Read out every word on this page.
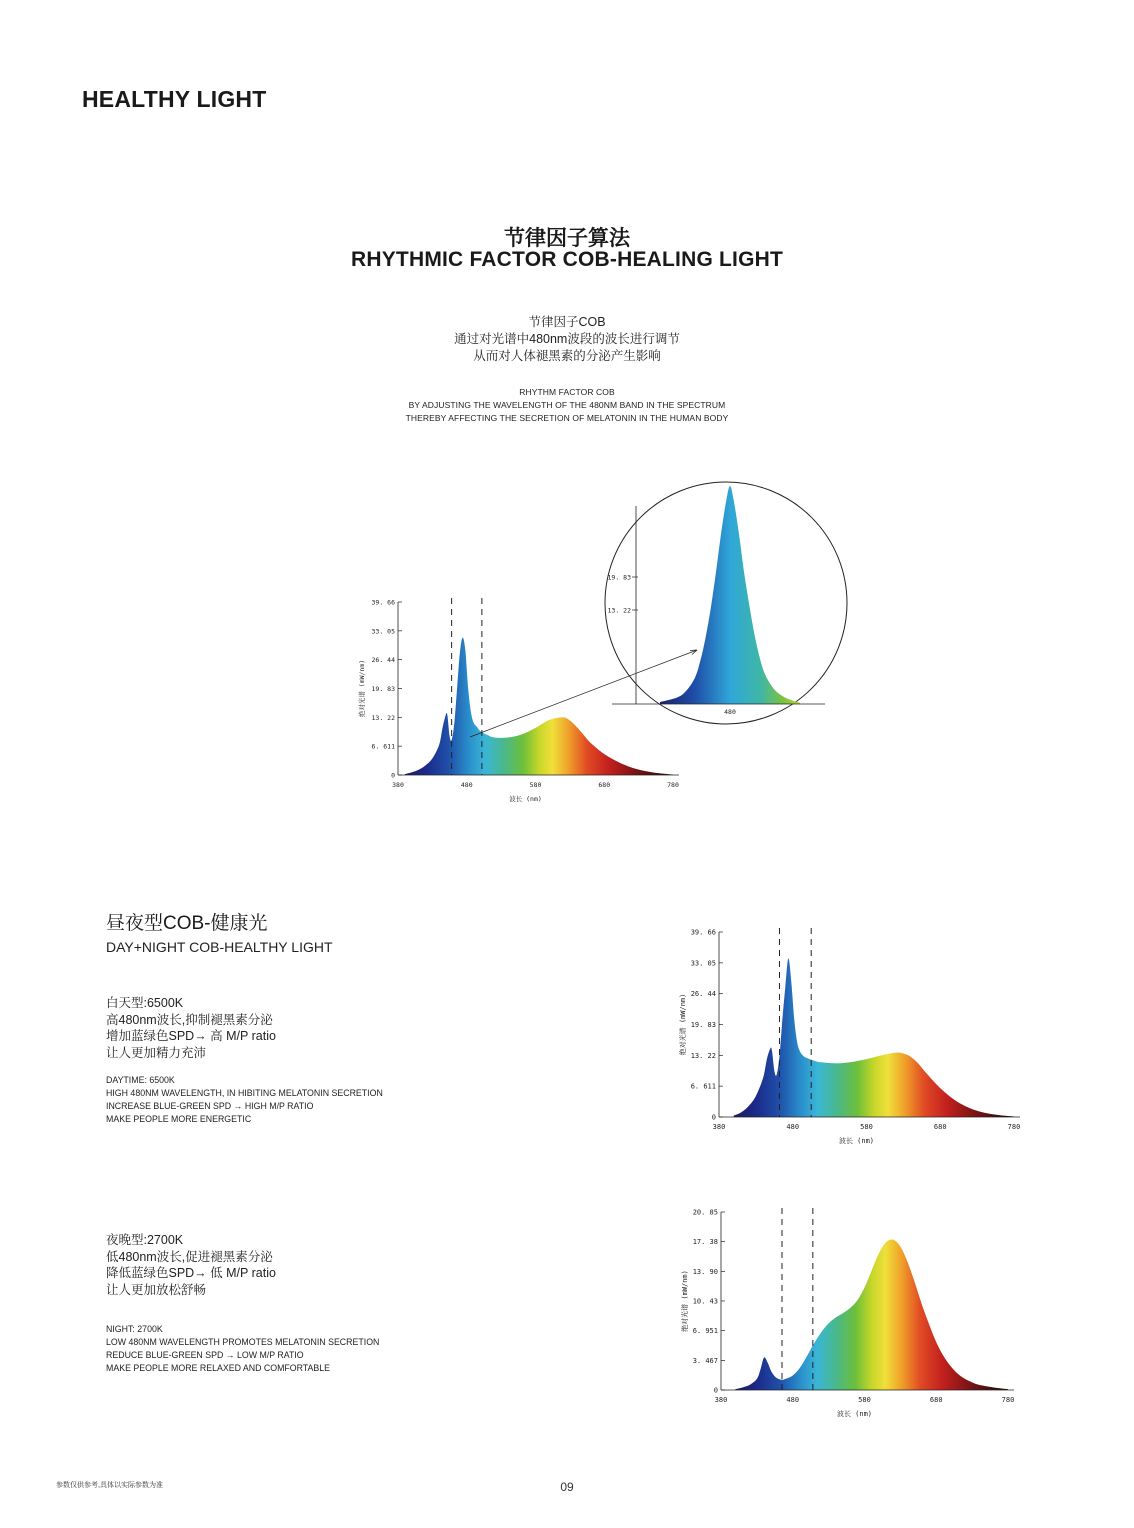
HEALTHY LIGHT
节律因子算法
RHYTHMIC FACTOR COB-HEALING LIGHT
节律因子COB
通过对光谱中480nm波段的波长进行调节
从而对人体褪黑素的分泌产生影响
RHYTHM FACTOR COB
BY ADJUSTING THE WAVELENGTH OF THE 480NM BAND IN THE SPECTRUM
THEREBY AFFECTING THE SECRETION OF MELATONIN IN THE HUMAN BODY
0
6. 611
13. 22
19. 83
26. 44
33. 05
39. 66
380	480	580	680	780
波长 (nm)
绝对光谱 (mW/nm)
19. 83
13. 22
480
昼夜型COB-健康光
DAY+NIGHT COB-HEALTHY LIGHT
白天型:6500K
高480nm波长,抑制褪黑素分泌
增加蓝绿色SPD→ 高 M/P ratio
让人更加精力充沛
DAYTIME: 6500K
HIGH 480NM WAVELENGTH, IN HIBITING MELATONIN SECRETION
INCREASE BLUE-GREEN SPD → HIGH M/P RATIO
MAKE PEOPLE MORE ENERGETIC	0
6. 611
13. 22
19. 83
26. 44
33. 05
39. 66
380	480	580	680	780
波长 (nm)
绝对光谱 (mW/nm)
夜晚型:2700K
低480nm波长,促进褪黑素分泌
降低蓝绿色SPD→ 低 M/P ratio
让人更加放松舒畅
NIGHT: 2700K
LOW 480NM WAVELENGTH PROMOTES MELATONIN SECRETION
REDUCE BLUE-GREEN SPD → LOW M/P RATIO
MAKE PEOPLE MORE RELAXED AND COMFORTABLE
0
3. 467
6. 951
10. 43
13. 90
17. 38
20. 85
380	480	580	680	780
波长 (nm)
绝对光谱 (mW/nm)
参数仅供参考,具体以实际参数为准	09
